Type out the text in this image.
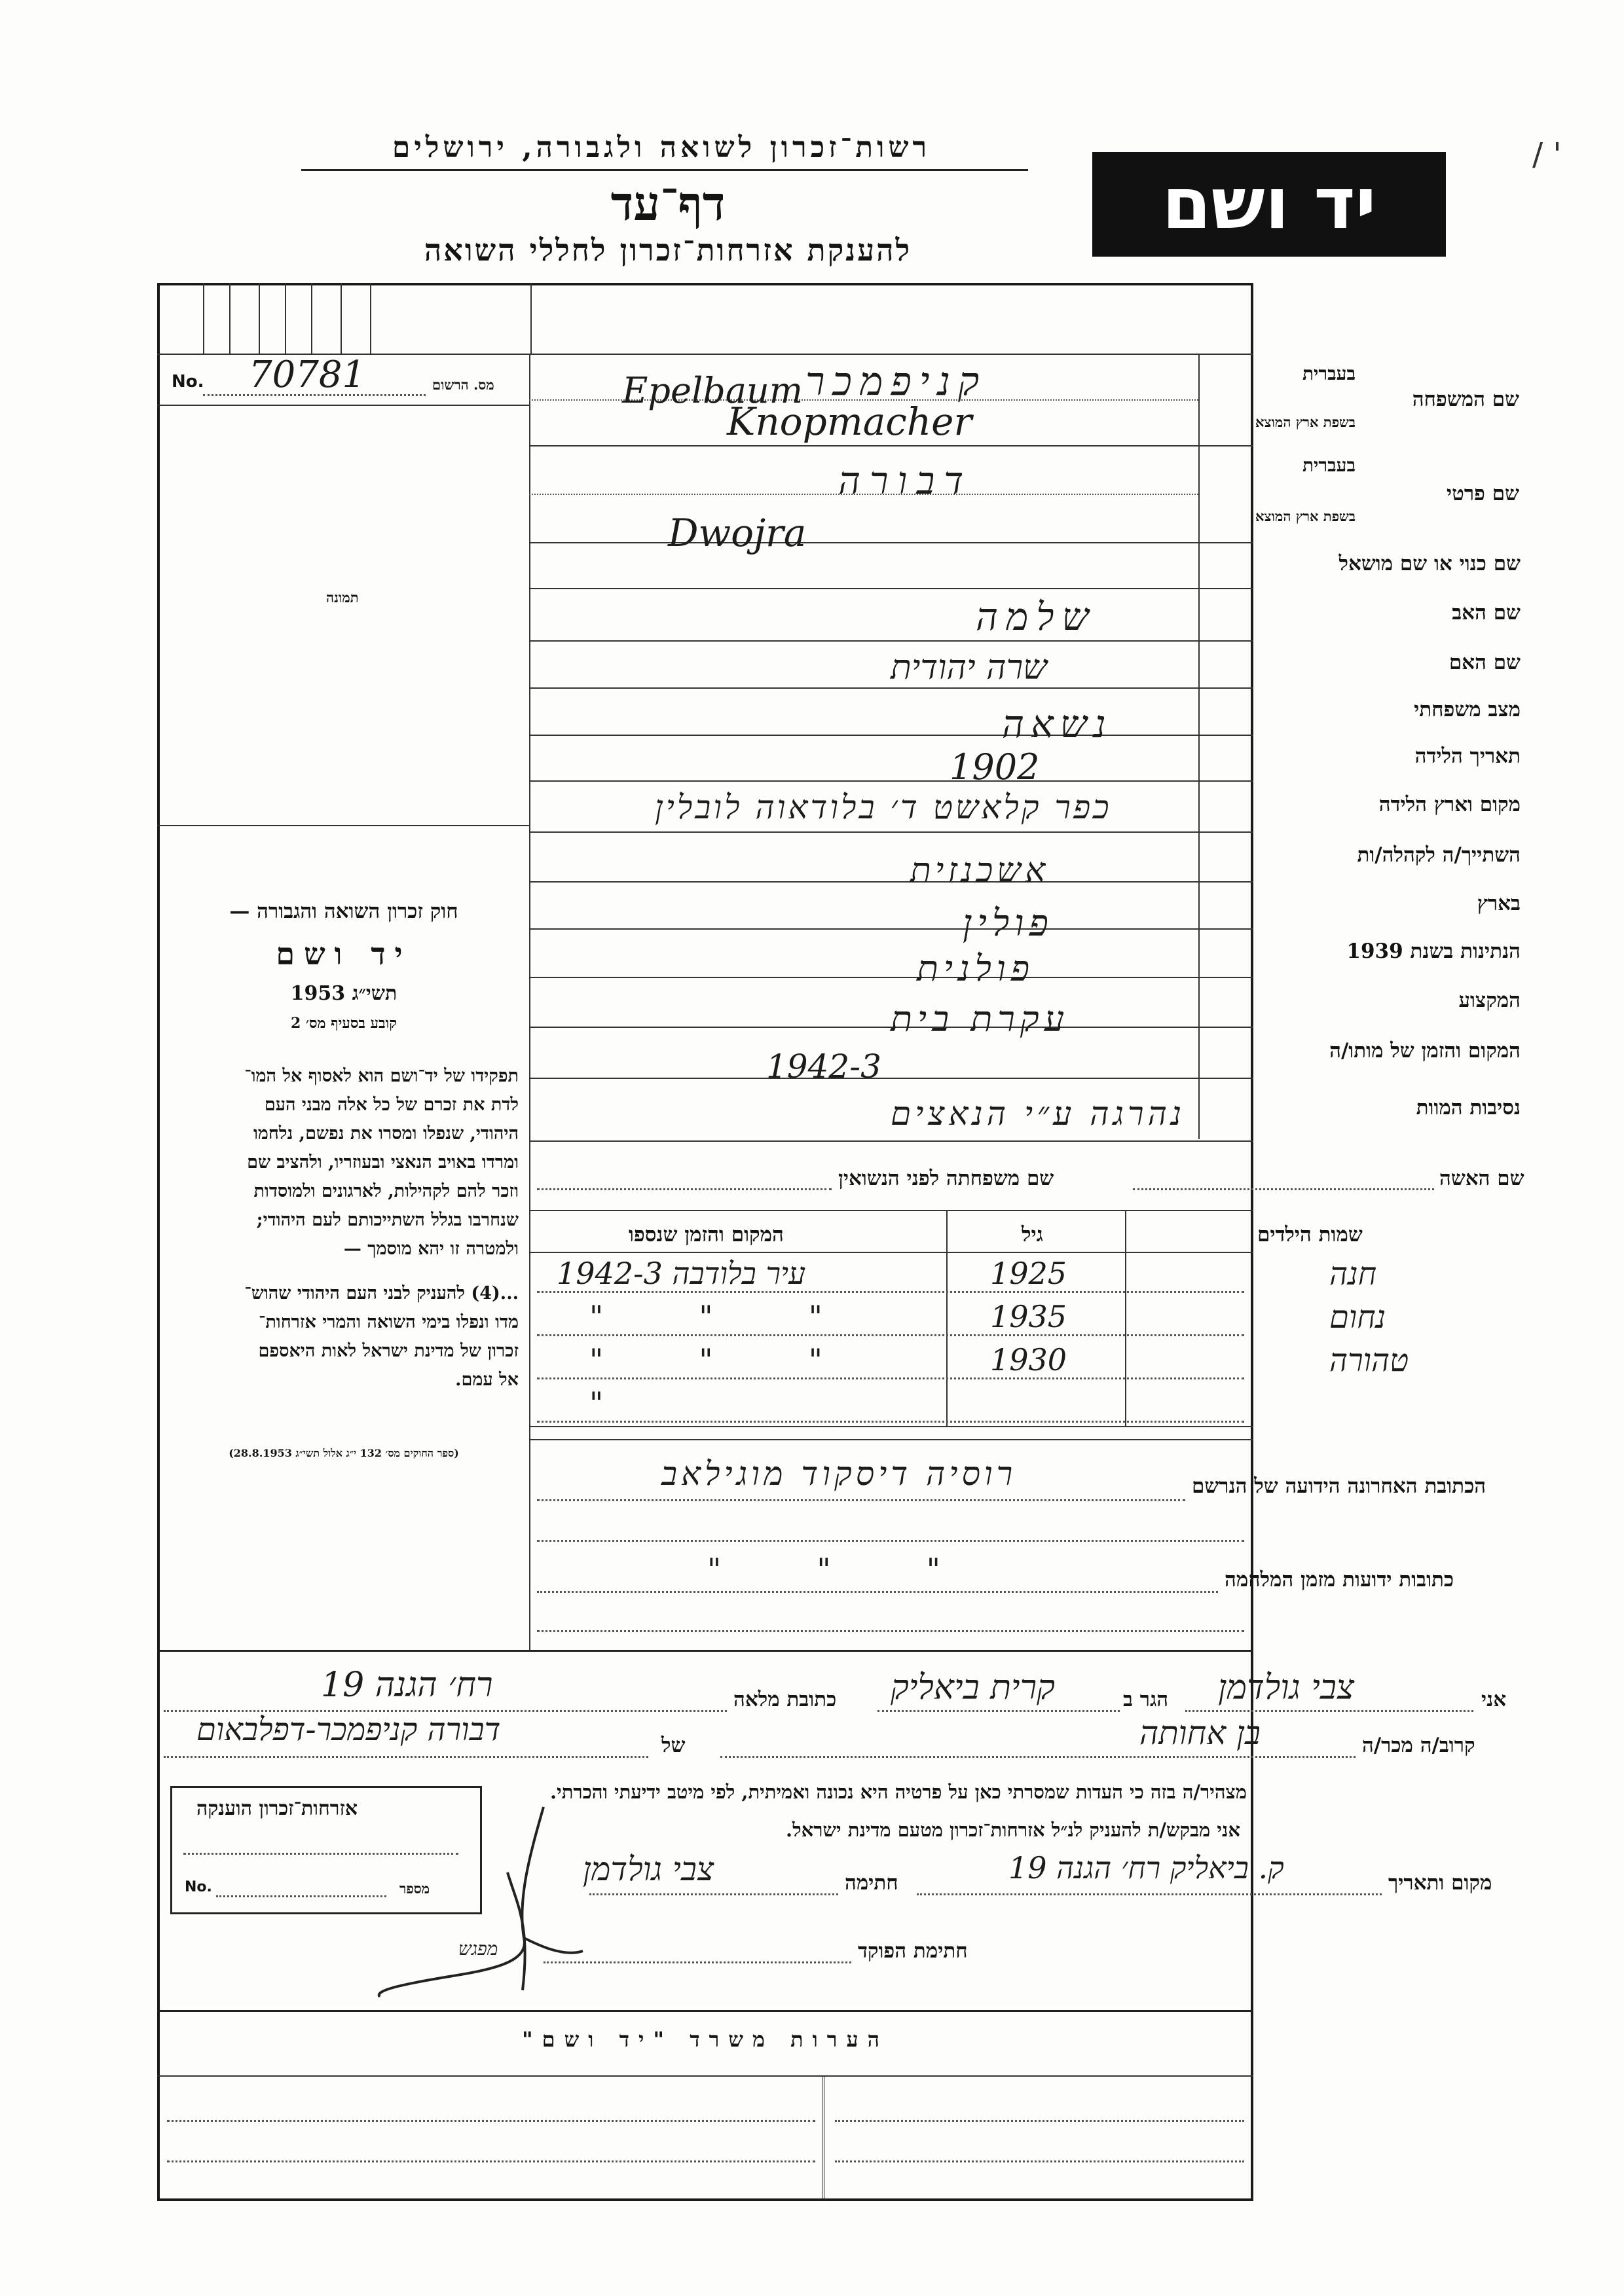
רשות־זכרון לשואה ולגבורה, ירושלים
דף־עד
להענקת אזרחות־זכרון לחללי השואה
יד ושם
/ '
No. 70781	מס. הרשום
תמונה
חוק זכרון השואה והגבורה —
יד ושם
תשי״ג 1953
קובע בסעיף מס׳ 2
תפקידו של יד־ושם הוא לאסוף אל המו־
לדת את זכרם של כל אלה מבני העם
היהודי, שנפלו ומסרו את נפשם, נלחמו
ומרדו באויב הנאצי ובעוזריו, ולהציב שם
וזכר להם לקהילות, לארגונים ולמוסדות
שנחרבו בגלל השתייכותם לעם היהודי;
ולמטרה זו יהא מוסמך —
...(4) להעניק לבני העם היהודי שהוש־
מדו ונפלו בימי השואה והמרי אזרחות־
זכרון של מדינת ישראל לאות היאספם
אל עמם.
(ספר החוקים מס׳ 132 י״ג אלול תשי״ג 28.8.1953)
בעברית
בשפת ארץ המוצא
שם המשפחה
בעברית
בשפת ארץ המוצא
שם פרטי
שם כנוי או שם מושאל
שם האב
שם האם
מצב משפחתי
תאריך הלידה
מקום וארץ הלידה
השתייך/ה לקהלה/ות
בארץ
הנתינות בשנת 1939
המקצוע
המקום והזמן של מותו/ה
נסיבות המוות
Epelbaum קניפמכר
Knopmacher
דבורה
Dwojra
שלמה
שרה יהודית
נשאה
1902
כפר קלאשט ד׳ בלודאוה לובלין
אשכנזית
פולין
פולנית
עקרת בית
1942-3
נהרגה ע״י הנאצים
שם האשה
שם משפחתה לפני הנשואין
שמות הילדים
גיל
המקום והזמן שנספו
חנה
1925
עיר בלודבה 1942-3
נחום
1935
"          "          "
טהורה
1930
"          "          "
"
הכתובת האחרונה הידועה של הנרשם
רוסיה דיסקוד מוגילאב
כתובות ידועות מזמן המלחמה
"          "          "
אני
צבי גולדמן
הגר ב
קרית ביאליק
כתובת מלאה
רח׳ הגנה 19
קרוב/ה מכר/ה
בן אחותה
של
דבורה קניפמכר-דפלבאום
מצהיר/ה בזה כי העדות שמסרתי כאן על פרטיה היא נכונה ואמיתית, לפי מיטב ידיעתי והכרתי.
אני מבקש/ת להעניק לנ״ל אזרחות־זכרון מטעם מדינת ישראל.
מקום ותאריך
ק. ביאליק רח׳ הגנה 19
חתימה
צבי גולדמן
חתימת הפוקד
מפגש
אזרחות־זכרון הוענקה
No.	מספר
הערות משרד "יד ושם"
